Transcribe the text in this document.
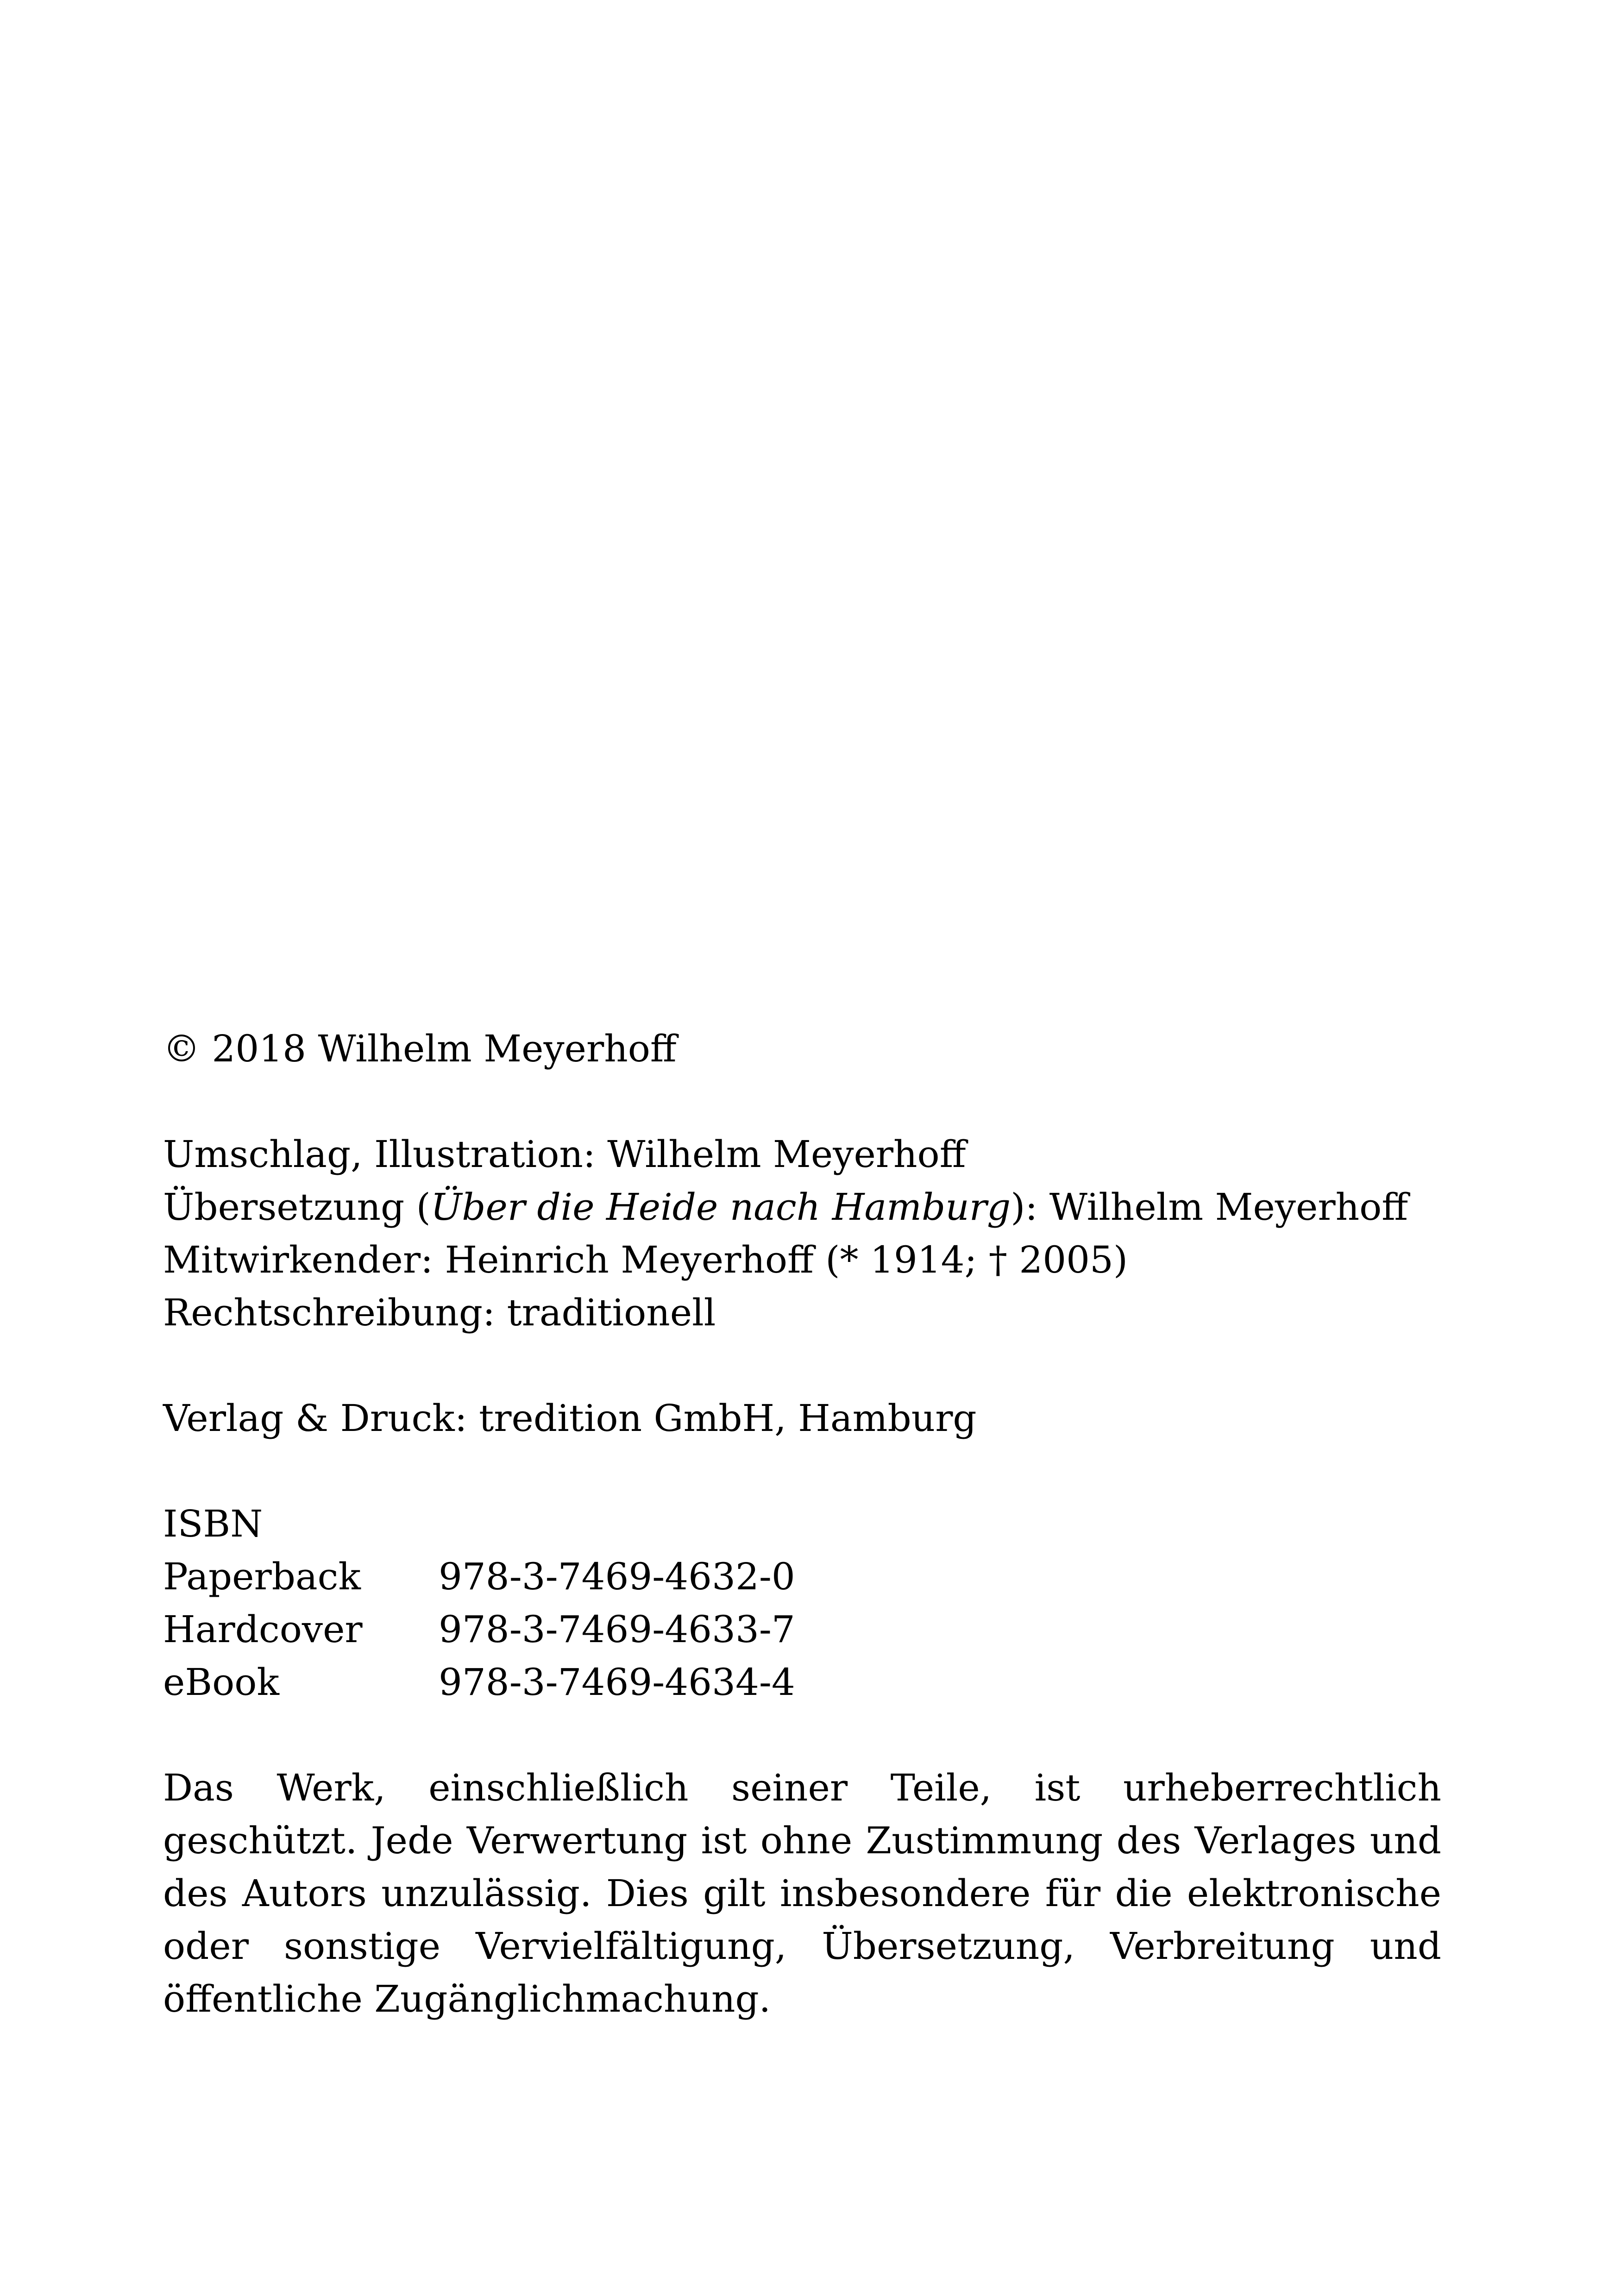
© 2018 Wilhelm Meyerhoff
Umschlag, Illustration: Wilhelm Meyerhoff
Übersetzung (Über die Heide nach Hamburg): Wilhelm Meyerhoff
Mitwirkender: Heinrich Meyerhoff (* 1914; † 2005)
Rechtschreibung: traditionell
Verlag & Druck: tredition GmbH, Hamburg
ISBN
Paperback	978-3-7469-4632-0
Hardcover	978-3-7469-4633-7
eBook	978-3-7469-4634-4

Das Werk, einschließlich seiner Teile, ist urheberrechtlich geschützt. Jede Verwertung ist ohne Zustimmung des Verlages und des Autors unzulässig. Dies gilt insbesondere für die elektronische oder sonstige Vervielfältigung, Übersetzung, Verbreitung und öffentliche Zugänglichmachung.
